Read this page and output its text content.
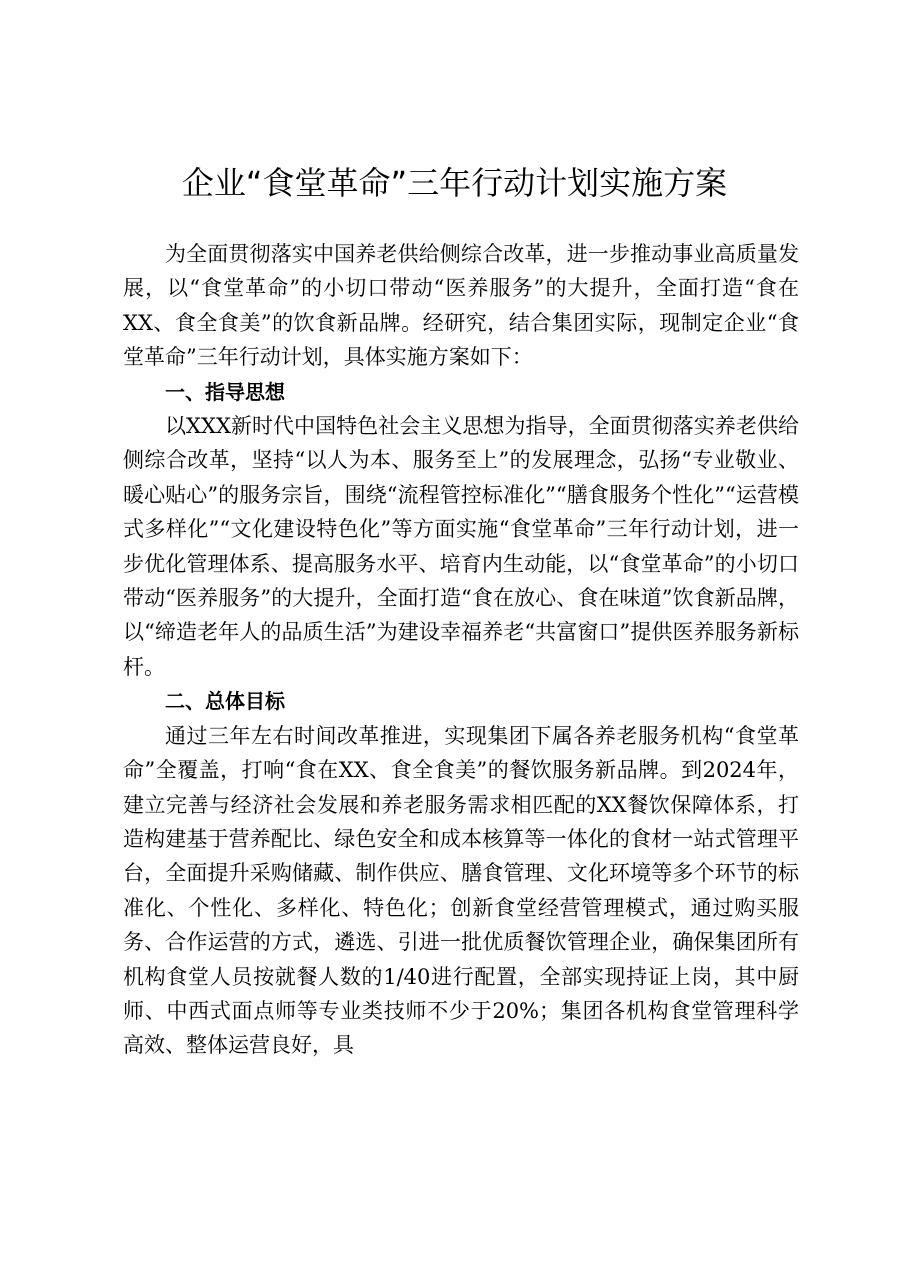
企业“食堂革命”三年行动计划实施方案

为全面贯彻落实中国养老供给侧综合改革，进一步推动事业高质量发展，以“食堂革命”的小切口带动“医养服务”的大提升，全面打造“食在XX、食全食美”的饮食新品牌。经研究，结合集团实际，现制定企业“食堂革命”三年行动计划，具体实施方案如下：

一、指导思想

以XXX新时代中国特色社会主义思想为指导，全面贯彻落实养老供给侧综合改革，坚持“以人为本、服务至上”的发展理念，弘扬“专业敬业、暖心贴心”的服务宗旨，围绕“流程管控标准化”“膳食服务个性化”“运营模式多样化”“文化建设特色化”等方面实施“食堂革命”三年行动计划，进一步优化管理体系、提高服务水平、培育内生动能，以“食堂革命”的小切口带动“医养服务”的大提升，全面打造“食在放心、食在味道”饮食新品牌，以“缔造老年人的品质生活”为建设幸福养老“共富窗口”提供医养服务新标杆。

二、总体目标

通过三年左右时间改革推进，实现集团下属各养老服务机构“食堂革命”全覆盖，打响“食在XX、食全食美”的餐饮服务新品牌。到2024年，建立完善与经济社会发展和养老服务需求相匹配的XX餐饮保障体系，打造构建基于营养配比、绿色安全和成本核算等一体化的食材一站式管理平台，全面提升采购储藏、制作供应、膳食管理、文化环境等多个环节的标准化、个性化、多样化、特色化；创新食堂经营管理模式，通过购买服务、合作运营的方式，遴选、引进一批优质餐饮管理企业，确保集团所有机构食堂人员按就餐人数的1/40进行配置，全部实现持证上岗，其中厨师、中西式面点师等专业类技师不少于20%；集团各机构食堂管理科学高效、整体运营良好，具
